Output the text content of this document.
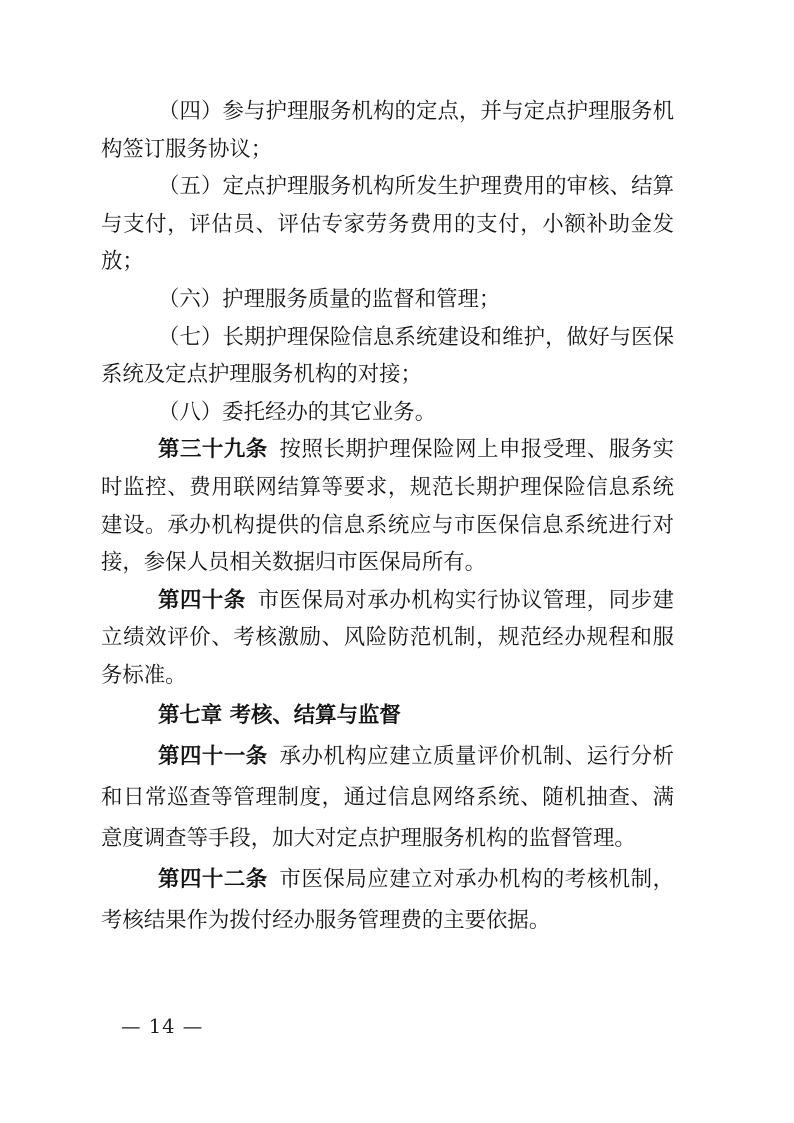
（四）参与护理服务机构的定点，并与定点护理服务机构签订服务协议；

（五）定点护理服务机构所发生护理费用的审核、结算与支付，评估员、评估专家劳务费用的支付，小额补助金发放；

（六）护理服务质量的监督和管理；

（七）长期护理保险信息系统建设和维护，做好与医保系统及定点护理服务机构的对接；

（八）委托经办的其它业务。

第三十九条 按照长期护理保险网上申报受理、服务实时监控、费用联网结算等要求，规范长期护理保险信息系统建设。承办机构提供的信息系统应与市医保信息系统进行对接，参保人员相关数据归市医保局所有。

第四十条 市医保局对承办机构实行协议管理，同步建立绩效评价、考核激励、风险防范机制，规范经办规程和服务标准。

第七章 考核、结算与监督

第四十一条 承办机构应建立质量评价机制、运行分析和日常巡查等管理制度，通过信息网络系统、随机抽查、满意度调查等手段，加大对定点护理服务机构的监督管理。

第四十二条 市医保局应建立对承办机构的考核机制，考核结果作为拨付经办服务管理费的主要依据。

— 14 —
